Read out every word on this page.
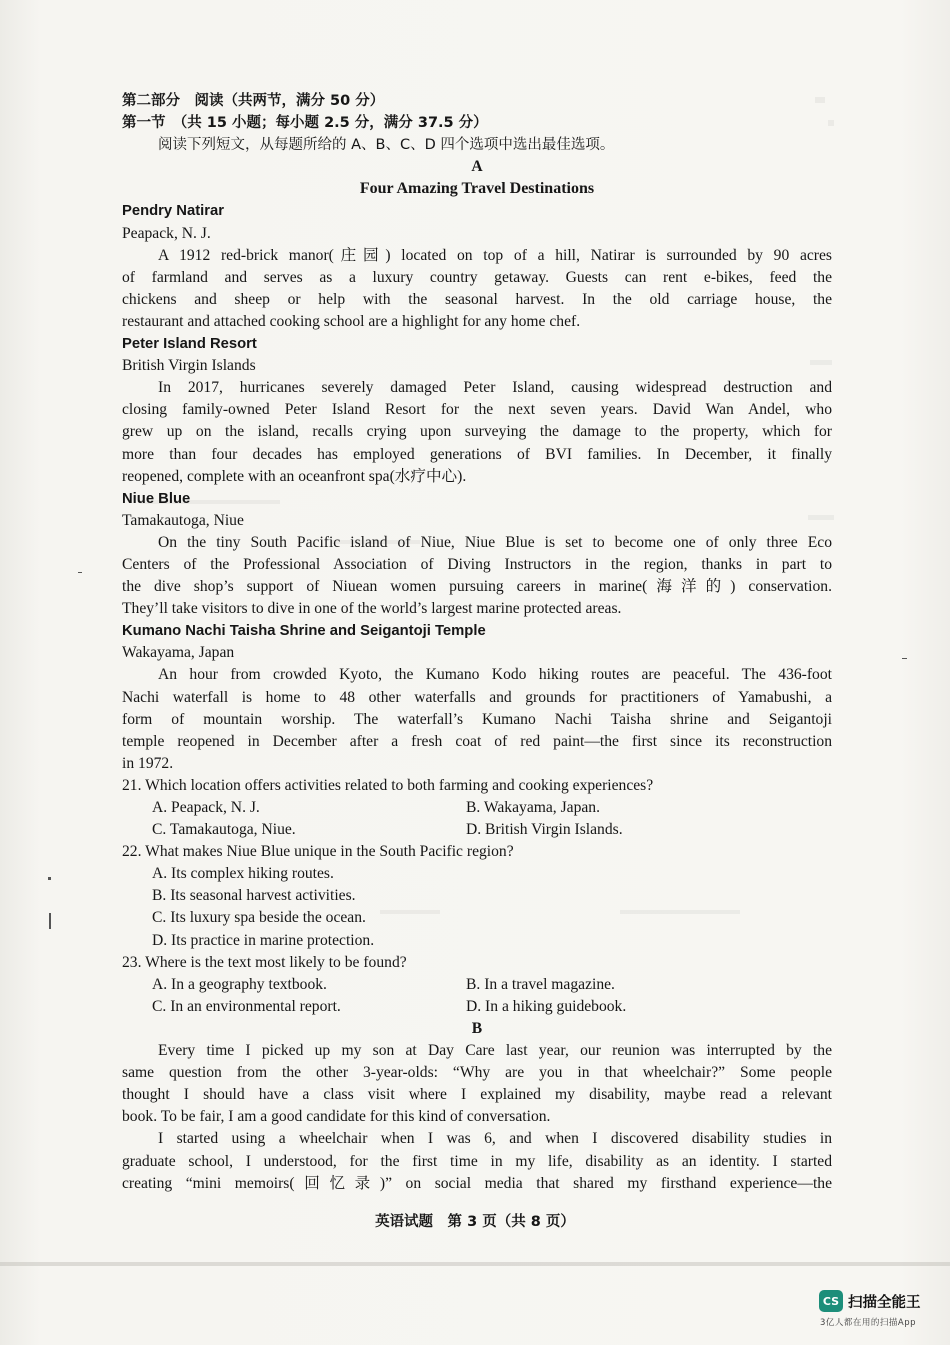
第二部分　阅读（共两节，满分 50 分）

第一节　（共 15 小题；每小题 2.5 分，满分 37.5 分）

阅读下列短文，从每题所给的 A、B、C、D 四个选项中选出最佳选项。

A

Four Amazing Travel Destinations

Pendry Natirar

Peapack, N. J.

A 1912 red-brick manor(庄园) located on top of a hill, Natirar is surrounded by 90 acres

of farmland and serves as a luxury country getaway. Guests can rent e-bikes, feed the

chickens and sheep or help with the seasonal harvest. In the old carriage house, the

restaurant and attached cooking school are a highlight for any home chef.

Peter Island Resort

British Virgin Islands

In 2017, hurricanes severely damaged Peter Island, causing widespread destruction and

closing family-owned Peter Island Resort for the next seven years. David Wan Andel, who

grew up on the island, recalls crying upon surveying the damage to the property, which for

more than four decades has employed generations of BVI families. In December, it finally

reopened, complete with an oceanfront spa(水疗中心).

Niue Blue

Tamakautoga, Niue

On the tiny South Pacific island of Niue, Niue Blue is set to become one of only three Eco

Centers of the Professional Association of Diving Instructors in the region, thanks in part to

the dive shop’s support of Niuean women pursuing careers in marine(海洋的) conservation.

They’ll take visitors to dive in one of the world’s largest marine protected areas.

Kumano Nachi Taisha Shrine and Seigantoji Temple

Wakayama, Japan

An hour from crowded Kyoto, the Kumano Kodo hiking routes are peaceful. The 436-foot

Nachi waterfall is home to 48 other waterfalls and grounds for practitioners of Yamabushi, a

form of mountain worship. The waterfall’s Kumano Nachi Taisha shrine and Seigantoji

temple reopened in December after a fresh coat of red paint—the first since its reconstruction

in 1972.

21. Which location offers activities related to both farming and cooking experiences?

A. Peapack, N. J.	B. Wakayama, Japan.
C. Tamakautoga, Niue.	D. British Virgin Islands.

22. What makes Niue Blue unique in the South Pacific region?

A. Its complex hiking routes.

B. Its seasonal harvest activities.

C. Its luxury spa beside the ocean.

D. Its practice in marine protection.

23. Where is the text most likely to be found?

A. In a geography textbook.	B. In a travel magazine.
C. In an environmental report.	D. In a hiking guidebook.

B

Every time I picked up my son at Day Care last year, our reunion was interrupted by the

same question from the other 3-year-olds: “Why are you in that wheelchair?” Some people

thought I should have a class visit where I explained my disability, maybe read a relevant

book. To be fair, I am a good candidate for this kind of conversation.

I started using a wheelchair when I was 6, and when I discovered disability studies in

graduate school, I understood, for the first time in my life, disability as an identity. I started

creating “mini memoirs(回忆录)” on social media that shared my firsthand experience—the

英语试题　第 3 页（共 8 页）
CS 扫描全能王
3亿人都在用的扫描App
